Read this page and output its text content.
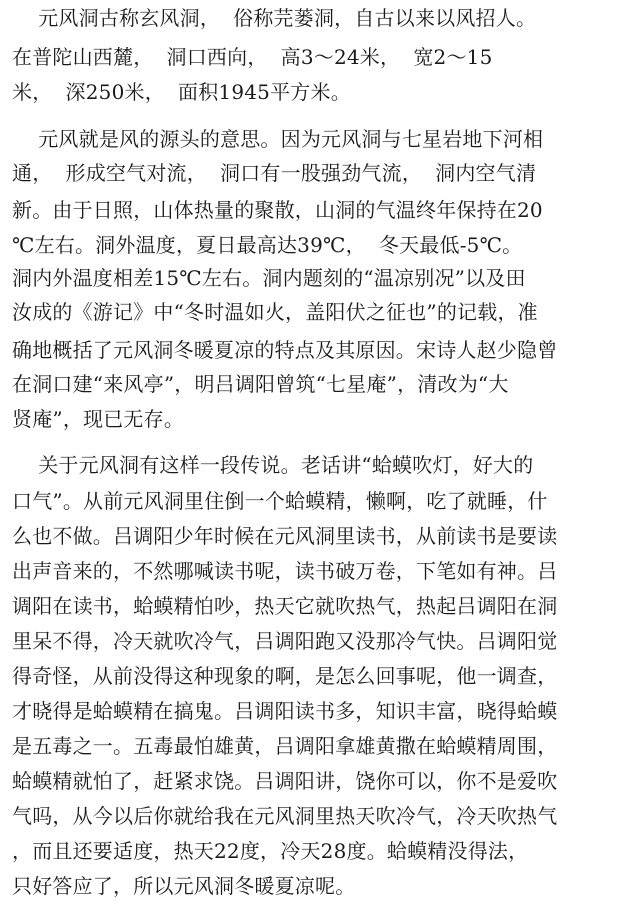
元风洞古称玄风洞，  俗称芫蒌洞，自古以来以风招人。
在普陀山西麓，  洞口西向，  高3～24米，  宽2～15
米，  深250米，  面积1945平方米。
元风就是风的源头的意思。因为元风洞与七星岩地下河相
通，  形成空气对流，  洞口有一股强劲气流，  洞内空气清
新。由于日照，山体热量的聚散，山洞的气温终年保持在20
℃左右。洞外温度，夏日最高达39℃，  冬天最低-5℃。
洞内外温度相差15℃左右。洞内题刻的“温凉别况”以及田
汝成的《游记》中“冬时温如火，盖阳伏之征也”的记载，准
确地概括了元风洞冬暖夏凉的特点及其原因。宋诗人赵少隐曾
在洞口建“来风亭”，明吕调阳曾筑“七星庵”，清改为“大
贤庵”，现已无存。
关于元风洞有这样一段传说。老话讲“蛤蟆吹灯，好大的
口气”。从前元风洞里住倒一个蛤蟆精，懒啊，吃了就睡，什
么也不做。吕调阳少年时候在元风洞里读书，从前读书是要读
出声音来的，不然哪喊读书呢，读书破万卷，下笔如有神。吕
调阳在读书，蛤蟆精怕吵，热天它就吹热气，热起吕调阳在洞
里呆不得，冷天就吹冷气，吕调阳跑又没那冷气快。吕调阳觉
得奇怪，从前没得这种现象的啊，是怎么回事呢，他一调查，
才晓得是蛤蟆精在搞鬼。吕调阳读书多，知识丰富，晓得蛤蟆
是五毒之一。五毒最怕雄黄，吕调阳拿雄黄撒在蛤蟆精周围，
蛤蟆精就怕了，赶紧求饶。吕调阳讲，饶你可以，你不是爱吹
气吗，从今以后你就给我在元风洞里热天吹冷气，冷天吹热气
，而且还要适度，热天22度，冷天28度。蛤蟆精没得法，
只好答应了，所以元风洞冬暖夏凉呢。
